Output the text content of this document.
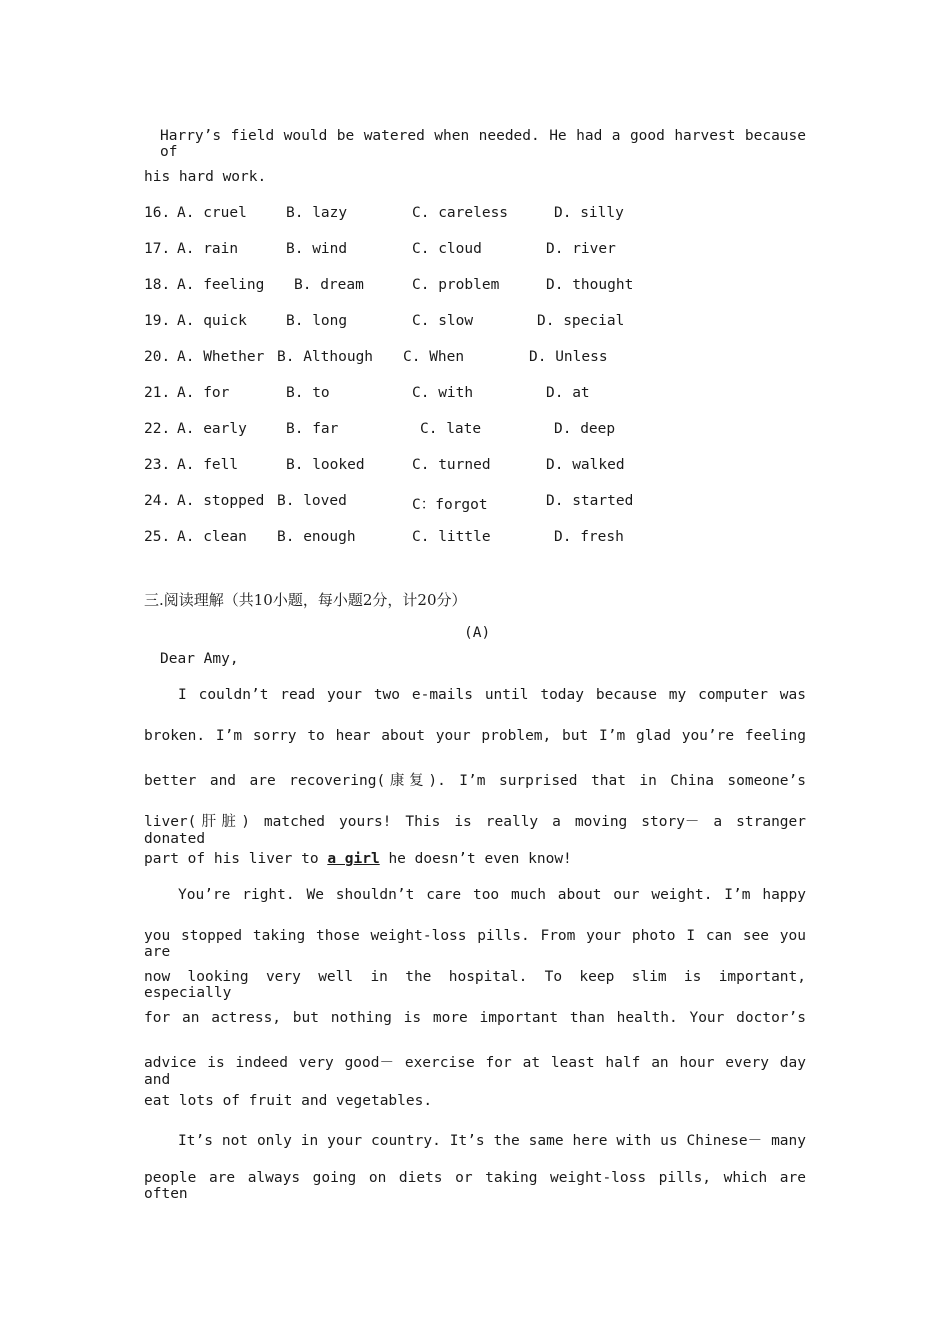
Harry’s field would be watered when needed. He had a good harvest because of
his hard work.
16. A. cruel	B. lazy	C. careless	D. silly
17. A. rain	B. wind	C. cloud	D. river
18. A. feeling B. dream	C. problem	D. thought
19. A. quick	B. long	C. slow	D. special
20. A. Whether B. Although C. When	D. Unless
21. A. for	B. to	C. with	D. at
22. A. early	B. far	C. late	D. deep
23. A. fell	B. looked	C. turned	D. walked
24. A. stopped B. loved	C：forgot	D. started
25. A. clean B. enough	C. little	D. fresh
三.阅读理解（共10小题，每小题2分，计20分）
(A)
Dear Amy,
I couldn’t read your two e-mails until today because my computer was
broken. I’m sorry to hear about your problem, but I’m glad you’re feeling
better and are recovering(康复). I’m surprised that in China someone’s
liver(肝脏) matched yours! This is really a moving story－ a stranger donated
part of his liver to a girl he doesn’t even know!
You’re right. We shouldn’t care too much about our weight. I’m happy
you stopped taking those weight-loss pills. From your photo I can see you are
now looking very well in the hospital. To keep slim is important, especially
for an actress, but nothing is more important than health. Your doctor’s
advice is indeed very good－ exercise for at least half an hour every day and
eat lots of fruit and vegetables.
It’s not only in your country. It’s the same here with us Chinese－ many
people are always going on diets or taking weight-loss pills, which are often
